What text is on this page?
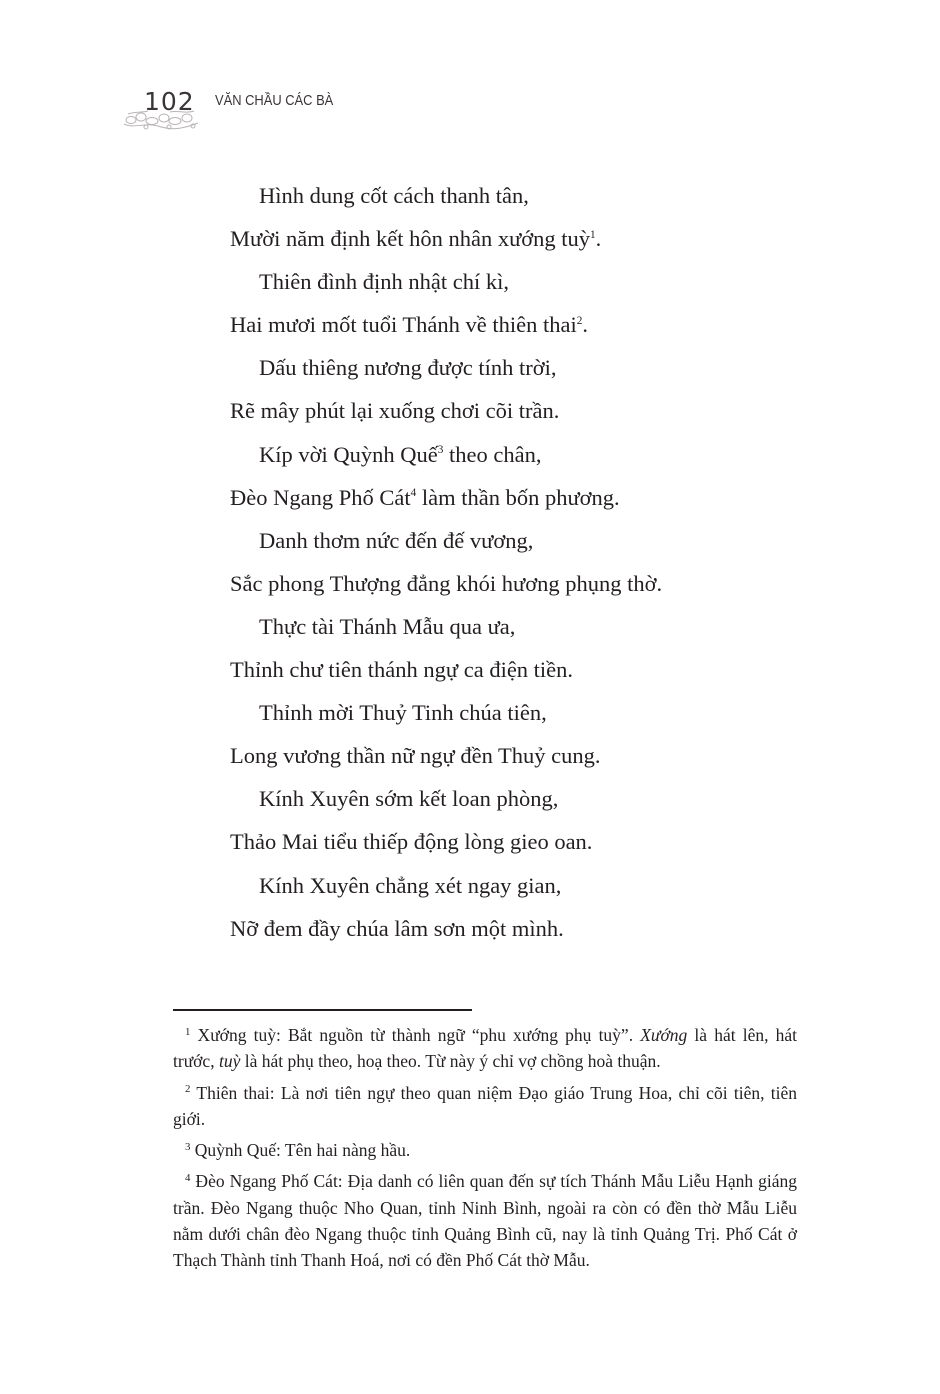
102 VĂN CHẦU CÁC BÀ
Hình dung cốt cách thanh tân,
Mười năm định kết hôn nhân xướng tuỳ$^1$.
Thiên đình định nhật chí kì,
Hai mươi mốt tuổi Thánh về thiên thai$^2$.
Dấu thiêng nương được tính trời,
Rẽ mây phút lại xuống chơi cõi trần.
Kíp vời Quỳnh Quế$^3$ theo chân,
Đèo Ngang Phố Cát$^4$ làm thần bốn phương.
Danh thơm nức đến đế vương,
Sắc phong Thượng đẳng khói hương phụng thờ.
Thực tài Thánh Mẫu qua ưa,
Thỉnh chư tiên thánh ngự ca điện tiền.
Thỉnh mời Thuỷ Tinh chúa tiên,
Long vương thần nữ ngự đền Thuỷ cung.
Kính Xuyên sớm kết loan phòng,
Thảo Mai tiểu thiếp động lòng gieo oan.
Kính Xuyên chẳng xét ngay gian,
Nỡ đem đầy chúa lâm sơn một mình.

$^1$ Xướng tuỳ: Bắt nguồn từ thành ngữ “phu xướng phụ tuỳ”. Xướng là hát lên, hát trước, tuỳ là hát phụ theo, hoạ theo. Từ này ý chỉ vợ chồng hoà thuận.

$^2$ Thiên thai: Là nơi tiên ngự theo quan niệm Đạo giáo Trung Hoa, chỉ cõi tiên, tiên giới.

$^3$ Quỳnh Quế: Tên hai nàng hầu.

$^4$ Đèo Ngang Phố Cát: Địa danh có liên quan đến sự tích Thánh Mẫu Liễu Hạnh giáng trần. Đèo Ngang thuộc Nho Quan, tỉnh Ninh Bình, ngoài ra còn có đền thờ Mẫu Liễu nằm dưới chân đèo Ngang thuộc tỉnh Quảng Bình cũ, nay là tỉnh Quảng Trị. Phố Cát ở Thạch Thành tỉnh Thanh Hoá, nơi có đền Phố Cát thờ Mẫu.
